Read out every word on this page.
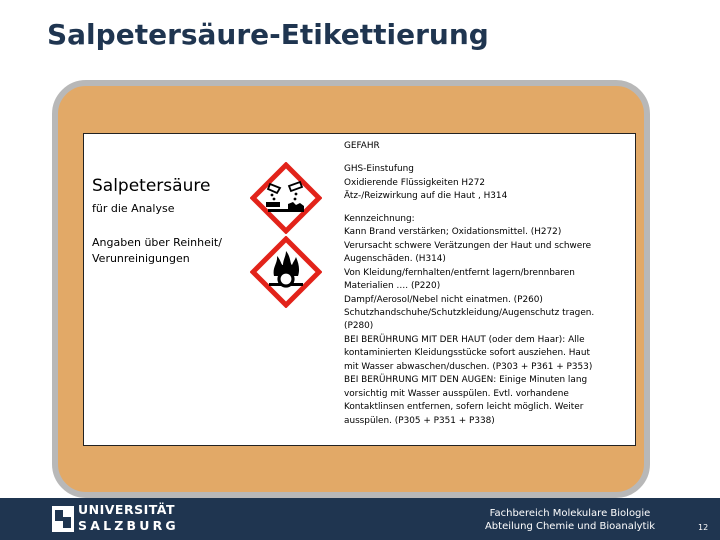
Salpetersäure-Etikettierung
Salpetersäure
für die Analyse
Angaben über Reinheit/ Verunreinigungen
GEFAHR
GHS-Einstufung
Oxidierende Flüssigkeiten H272
Ätz-/Reizwirkung auf die Haut , H314
Kennzeichnung:
Kann Brand verstärken; Oxidationsmittel. (H272)
Verursacht schwere Verätzungen der Haut und schwere
Augenschäden. (H314)
Von Kleidung/fernhalten/entfernt lagern/brennbaren
Materialien …. (P220)
Dampf/Aerosol/Nebel nicht einatmen. (P260)
Schutzhandschuhe/Schutzkleidung/Augenschutz tragen.
(P280)
BEI BERÜHRUNG MIT DER HAUT (oder dem Haar): Alle
kontaminierten Kleidungsstücke sofort ausziehen. Haut
mit Wasser abwaschen/duschen. (P303 + P361 + P353)
BEI BERÜHRUNG MIT DEN AUGEN: Einige Minuten lang
vorsichtig mit Wasser ausspülen. Evtl. vorhandene
Kontaktlinsen entfernen, sofern leicht möglich. Weiter
ausspülen. (P305 + P351 + P338)
UNIVERSITÄT
SALZBURG
Fachbereich Molekulare Biologie
Abteilung Chemie und Bioanalytik	12
